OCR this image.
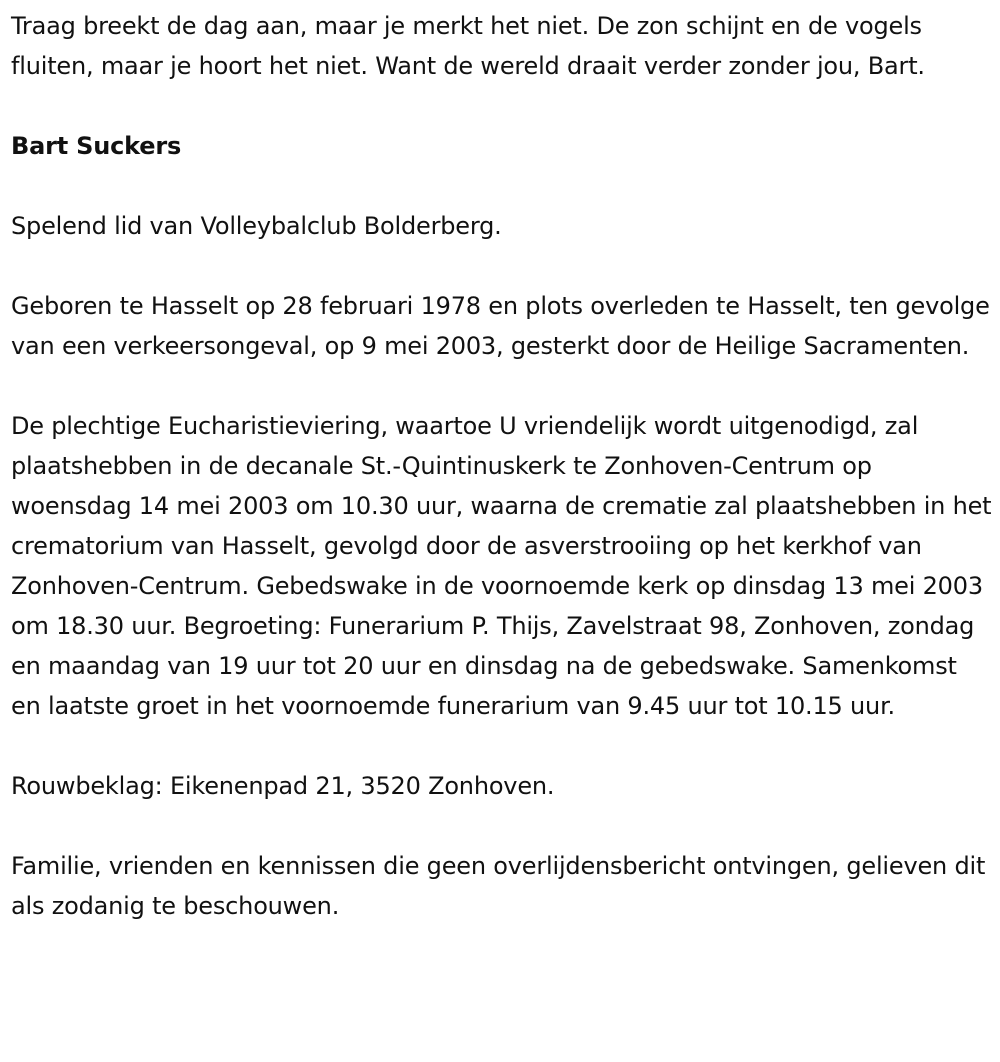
Traag breekt de dag aan, maar je merkt het niet. De zon schijnt en de vogels fluiten, maar je hoort het niet. Want de wereld draait verder zonder jou, Bart.

Bart Suckers

Spelend lid van Volleybalclub Bolderberg.

Geboren te Hasselt op 28 februari 1978 en plots overleden te Hasselt, ten gevolge van een verkeersongeval, op 9 mei 2003, gesterkt door de Heilige Sacramenten.

De plechtige Eucharistieviering, waartoe U vriendelijk wordt uitgenodigd, zal plaatshebben in de decanale St.-Quintinuskerk te Zonhoven-Centrum op woensdag 14 mei 2003 om 10.30 uur, waarna de crematie zal plaatshebben in het crematorium van Hasselt, gevolgd door de asverstrooiing op het kerkhof van Zonhoven-Centrum. Gebedswake in de voornoemde kerk op dinsdag 13 mei 2003 om 18.30 uur. Begroeting: Funerarium P. Thijs, Zavelstraat 98, Zonhoven, zondag en maandag van 19 uur tot 20 uur en dinsdag na de gebedswake. Samenkomst en laatste groet in het voornoemde funerarium van 9.45 uur tot 10.15 uur.

Rouwbeklag: Eikenenpad 21, 3520 Zonhoven.

Familie, vrienden en kennissen die geen overlijdensbericht ontvingen, gelieven dit als zodanig te beschouwen.
